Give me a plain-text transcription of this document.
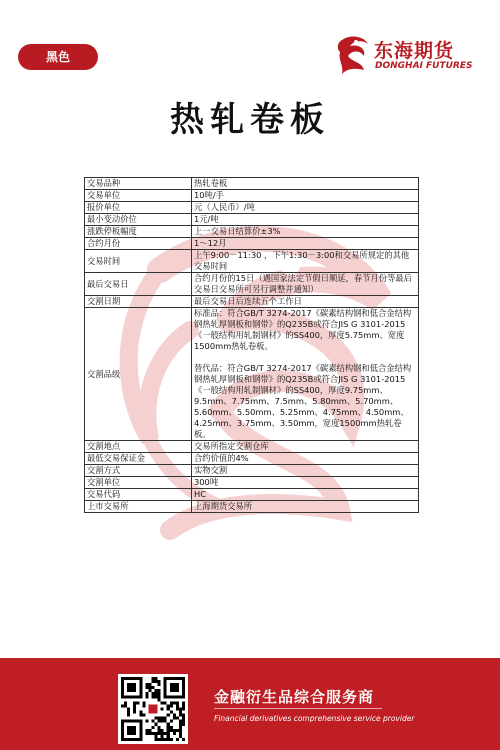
黑色	东海期货
DONGHAI FUTURES
热轧卷板
交易品种	热轧卷板

交易单位	10吨/手

报价单位	元（人民币）/吨

最小变动价位	1元/吨

涨跌停板幅度	上一交易日结算价±3%

合约月份	1～12月

交易时间	上午9:00－11:30 ，下午1:30－3:00和交易所规定的其他交易时间

最后交易日	合约月份的15日（遇国家法定节假日顺延，春节月份等最后交易日交易所可另行调整并通知）

交割日期	最后交易日后连续五个工作日

交割品级	标准品：符合GB/T 3274-2017《碳素结构钢和低合金结构钢热轧厚钢板和钢带》的Q235B或符合JIS G 3101-2015《一般结构用轧制钢材》的SS400，厚度5.75mm、宽度1500mm热轧卷板。

替代品：符合GB/T 3274-2017《碳素结构钢和低合金结构钢热轧厚钢板和钢带》的Q235B或符合JIS G 3101-2015《一般结构用轧制钢材》的SS400，厚度9.75mm、9.5mm、7.75mm、7.5mm、5.80mm、5.70mm、5.60mm、5.50mm、5.25mm、4.75mm、4.50mm、4.25mm、3.75mm、3.50mm，宽度1500mm热轧卷板。

交割地点	交易所指定交割仓库

最低交易保证金	合约价值的4%

交割方式	实物交割

交割单位	300吨

交易代码	HC

上市交易所	上海期货交易所

金融衍生品综合服务商
Financial derivatives comprehensive service provider
